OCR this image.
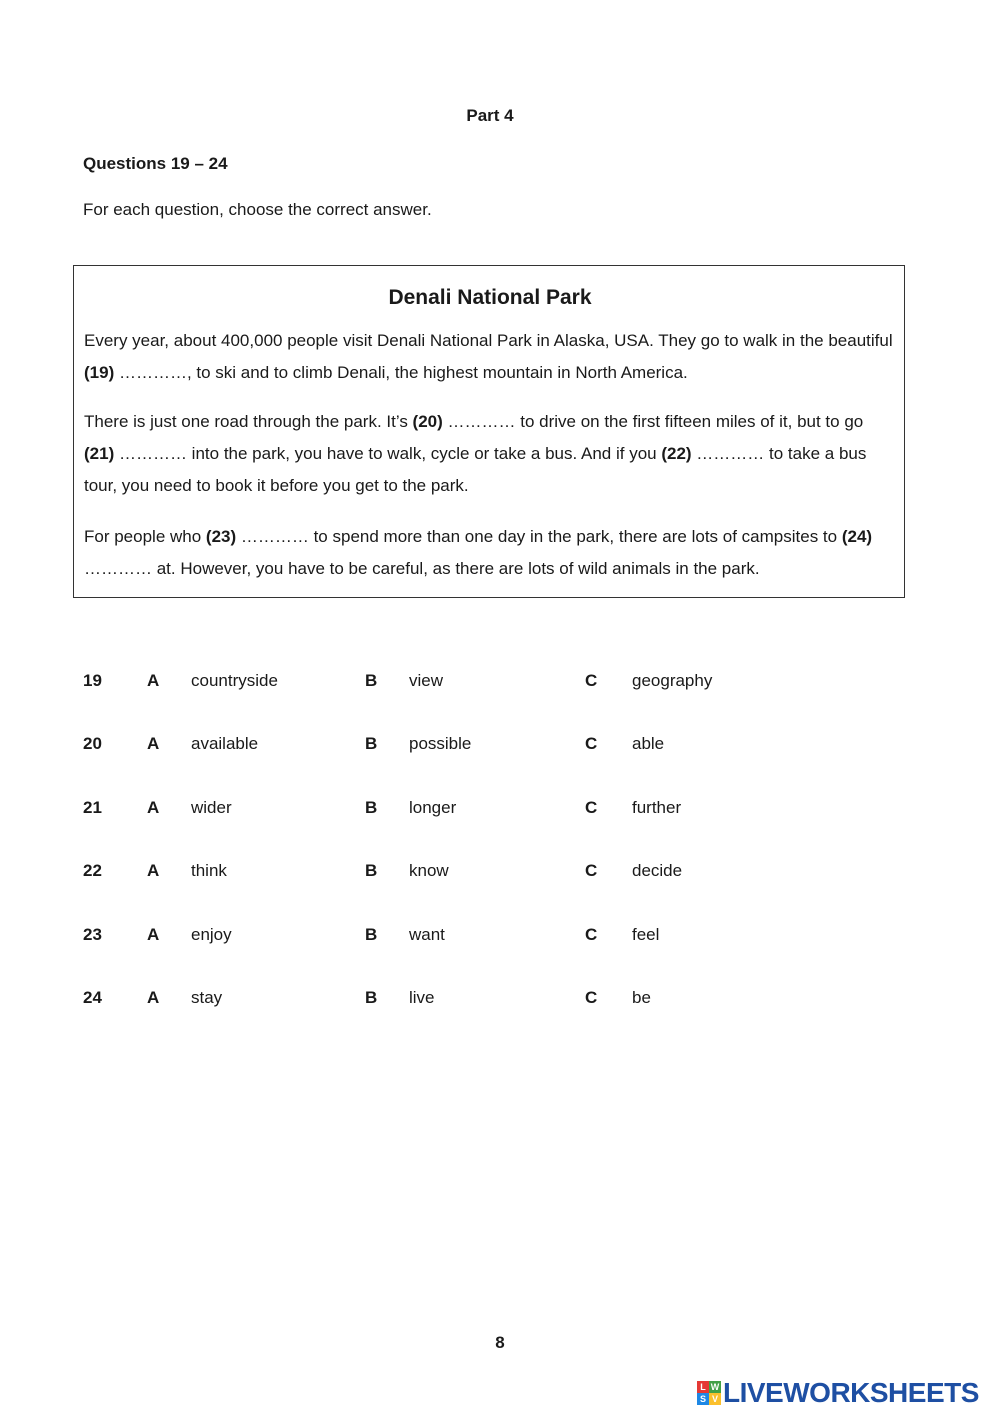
Part 4
Questions 19 – 24
For each question, choose the correct answer.
Denali National Park

Every year, about 400,000 people visit Denali National Park in Alaska, USA. They go to walk in the beautiful (19) …………, to ski and to climb Denali, the highest mountain in North America.

There is just one road through the park. It’s (20) ………… to drive on the first fifteen miles of it, but to go (21) ………… into the park, you have to walk, cycle or take a bus. And if you (22) ………… to take a bus tour, you need to book it before you get to the park.

For people who (23) ………… to spend more than one day in the park, there are lots of campsites to (24) ………… at. However, you have to be careful, as there are lots of wild animals in the park.

19	A countryside	B view	C geography
20	A available	B possible	C able
21	A wider	B longer	C further
22	A think	B know	C decide
23	A enjoy	B want	C feel
24	A stay	B live	C be
8
L W
S V LIVEWORKSHEETS
